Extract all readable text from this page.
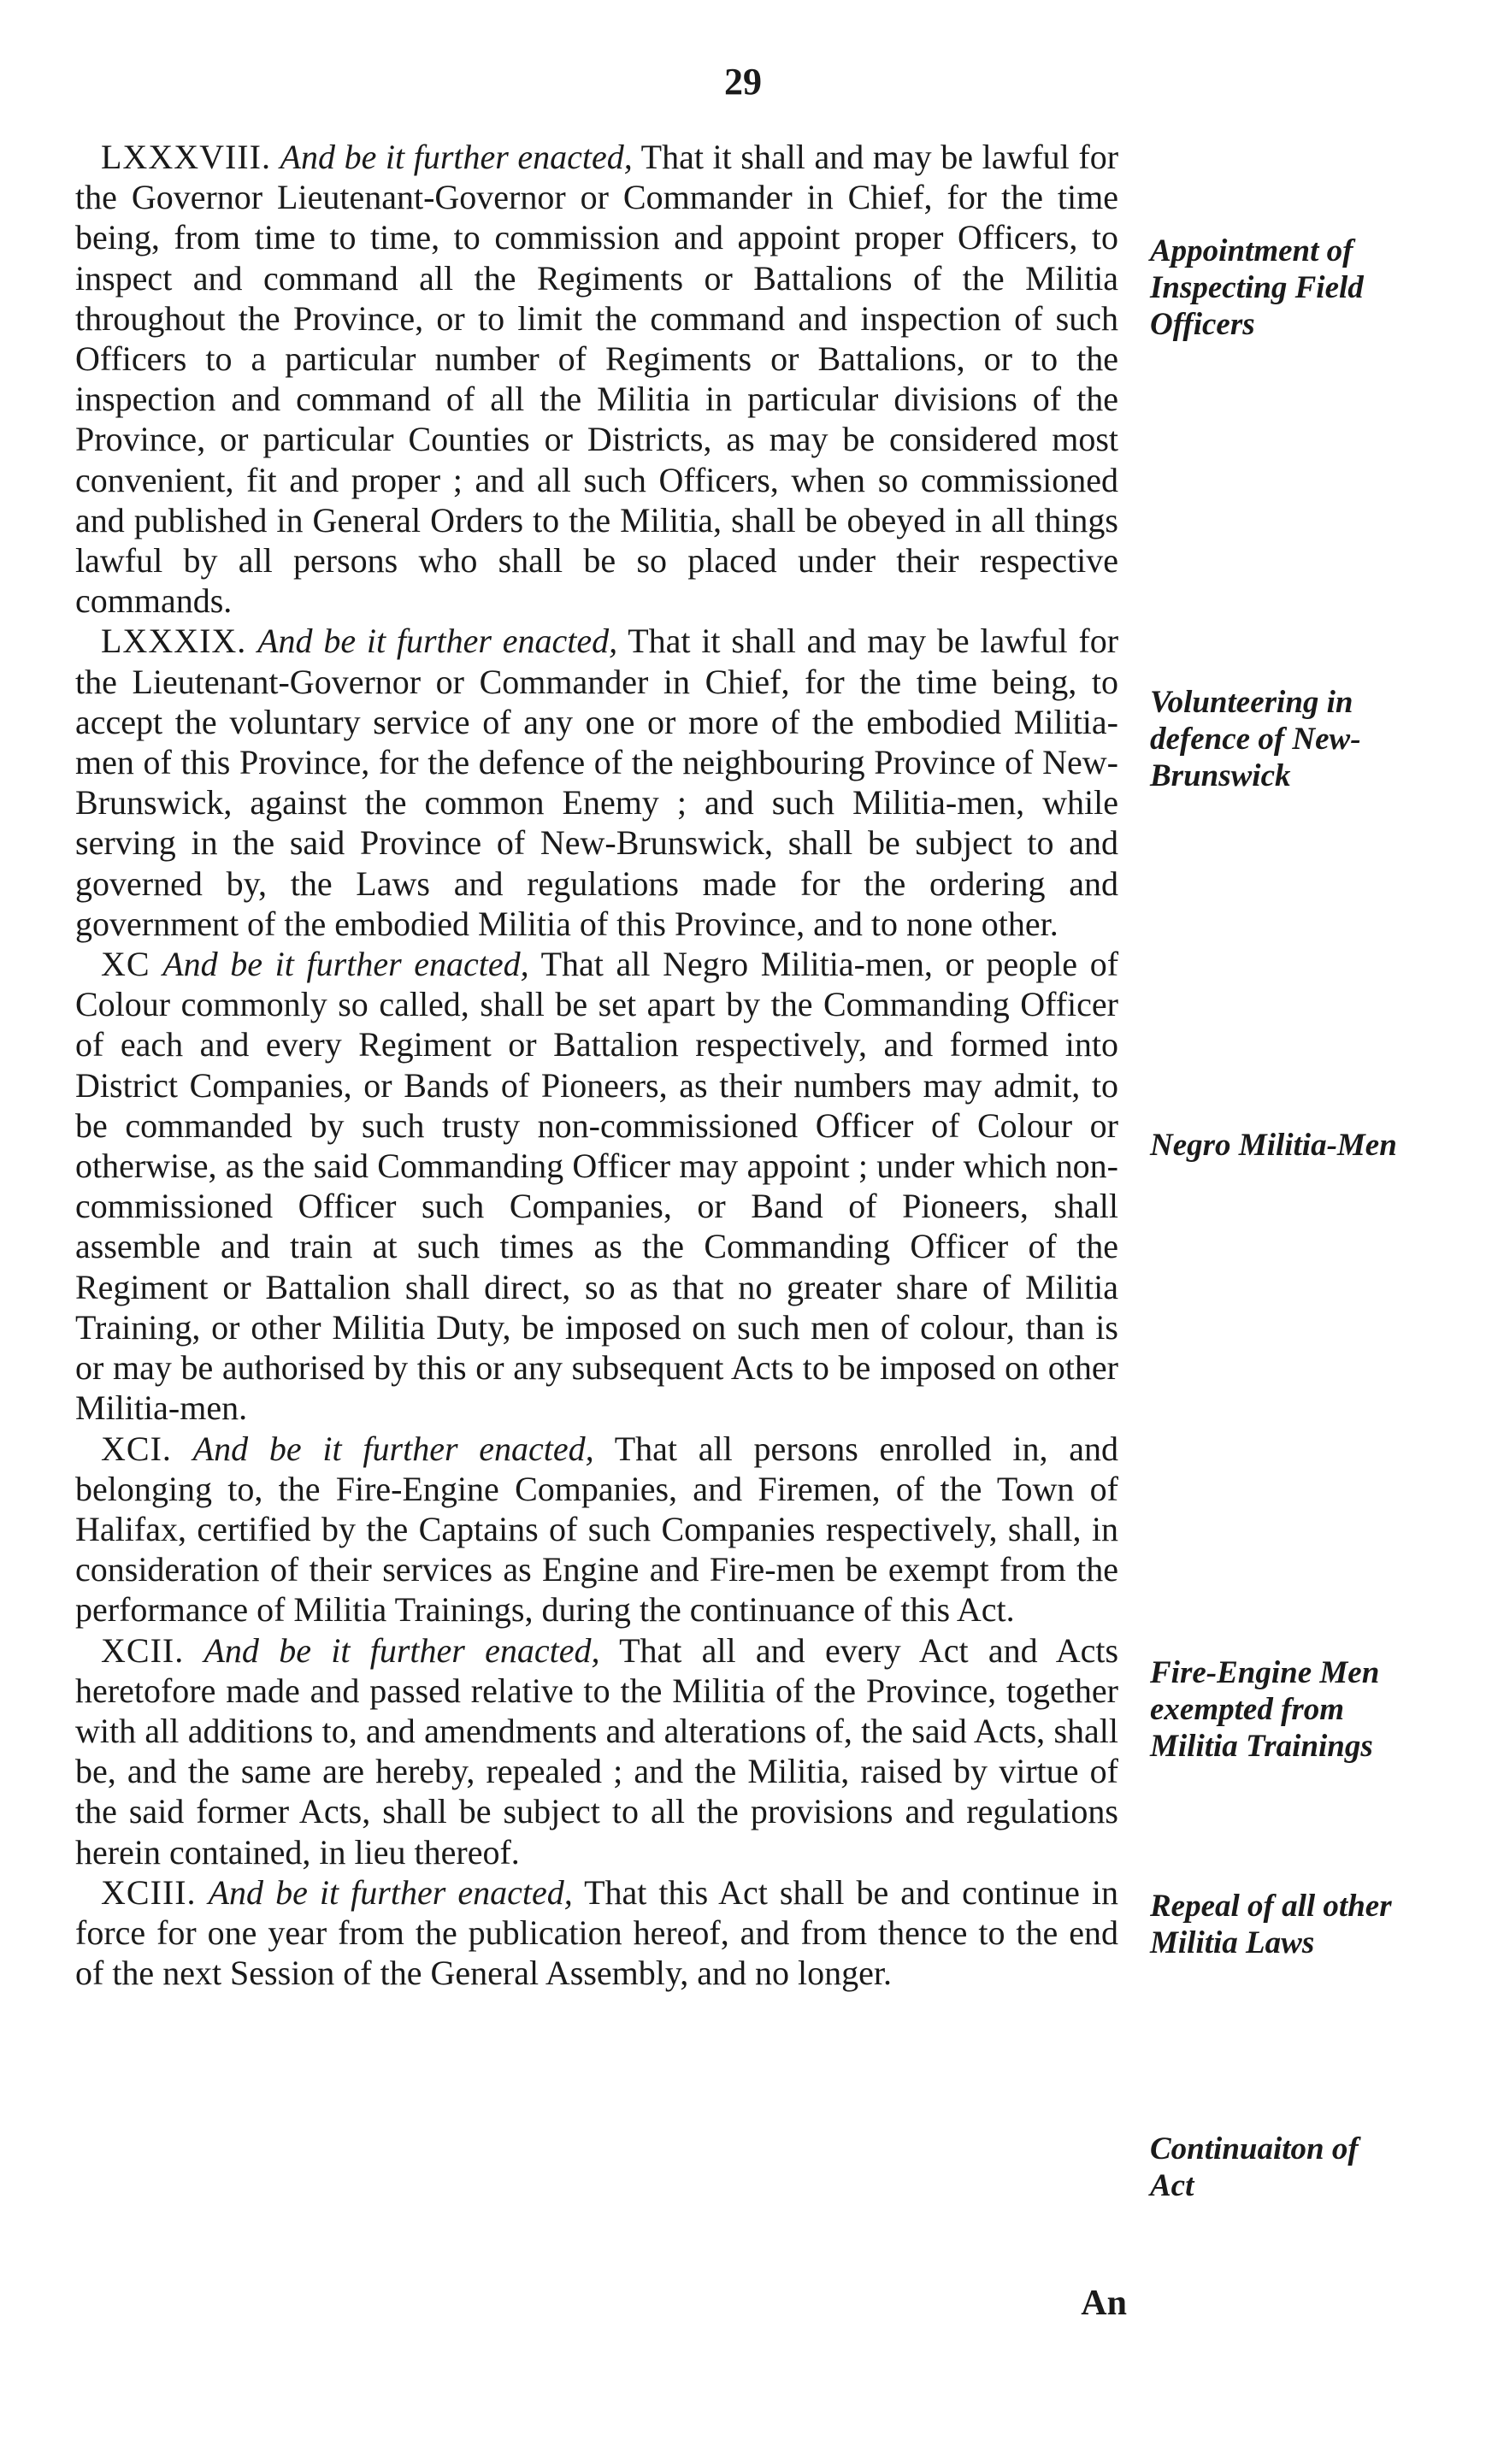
29

LXXXVIII. And be it further enacted, That it shall and may be lawful for the Governor Lieutenant-Governor or Commander in Chief, for the time being, from time to time, to commission and appoint proper Officers, to inspect and command all the Regiments or Battalions of the Militia throughout the Province, or to limit the command and inspection of such Officers to a particular number of Regiments or Battalions, or to the inspection and command of all the Militia in particular divisions of the Province, or particular Counties or Districts, as may be considered most convenient, fit and proper ; and all such Officers, when so commissioned and published in General Orders to the Militia, shall be obeyed in all things lawful by all persons who shall be so placed under their respective commands.

LXXXIX. And be it further enacted, That it shall and may be lawful for the Lieutenant-Governor or Commander in Chief, for the time being, to accept the voluntary service of any one or more of the embodied Militia-men of this Province, for the defence of the neighbouring Province of New-Brunswick, against the common Enemy ; and such Militia-men, while serving in the said Province of New-Brunswick, shall be subject to and governed by, the Laws and regulations made for the ordering and government of the embodied Militia of this Province, and to none other.

XC And be it further enacted, That all Negro Militia-men, or people of Colour commonly so called, shall be set apart by the Commanding Officer of each and every Regiment or Battalion respectively, and formed into District Companies, or Bands of Pioneers, as their numbers may admit, to be commanded by such trusty non-commissioned Officer of Colour or otherwise, as the said Commanding Officer may appoint ; under which non-commissioned Officer such Companies, or Band of Pioneers, shall assemble and train at such times as the Commanding Officer of the Regiment or Battalion shall direct, so as that no greater share of Militia Training, or other Militia Duty, be imposed on such men of colour, than is or may be authorised by this or any subsequent Acts to be imposed on other Militia-men.

XCI. And be it further enacted, That all persons enrolled in, and belonging to, the Fire-Engine Companies, and Firemen, of the Town of Halifax, certified by the Captains of such Companies respectively, shall, in consideration of their services as Engine and Fire-men be exempt from the performance of Militia Trainings, during the continuance of this Act.

XCII. And be it further enacted, That all and every Act and Acts heretofore made and passed relative to the Militia of the Province, together with all additions to, and amendments and alterations of, the said Acts, shall be, and the same are hereby, repealed ; and the Militia, raised by virtue of the said former Acts, shall be subject to all the provisions and regulations herein contained, in lieu thereof.

XCIII. And be it further enacted, That this Act shall be and continue in force for one year from the publication hereof, and from thence to the end of the next Session of the General Assembly, and no longer.

Appointment of Inspecting Field Officers
Volunteering in defence of New-Brunswick
Negro Militia-Men
Fire-Engine Men exempted from Militia Trainings
Repeal of all other Militia Laws
Continuaiton of Act
An
